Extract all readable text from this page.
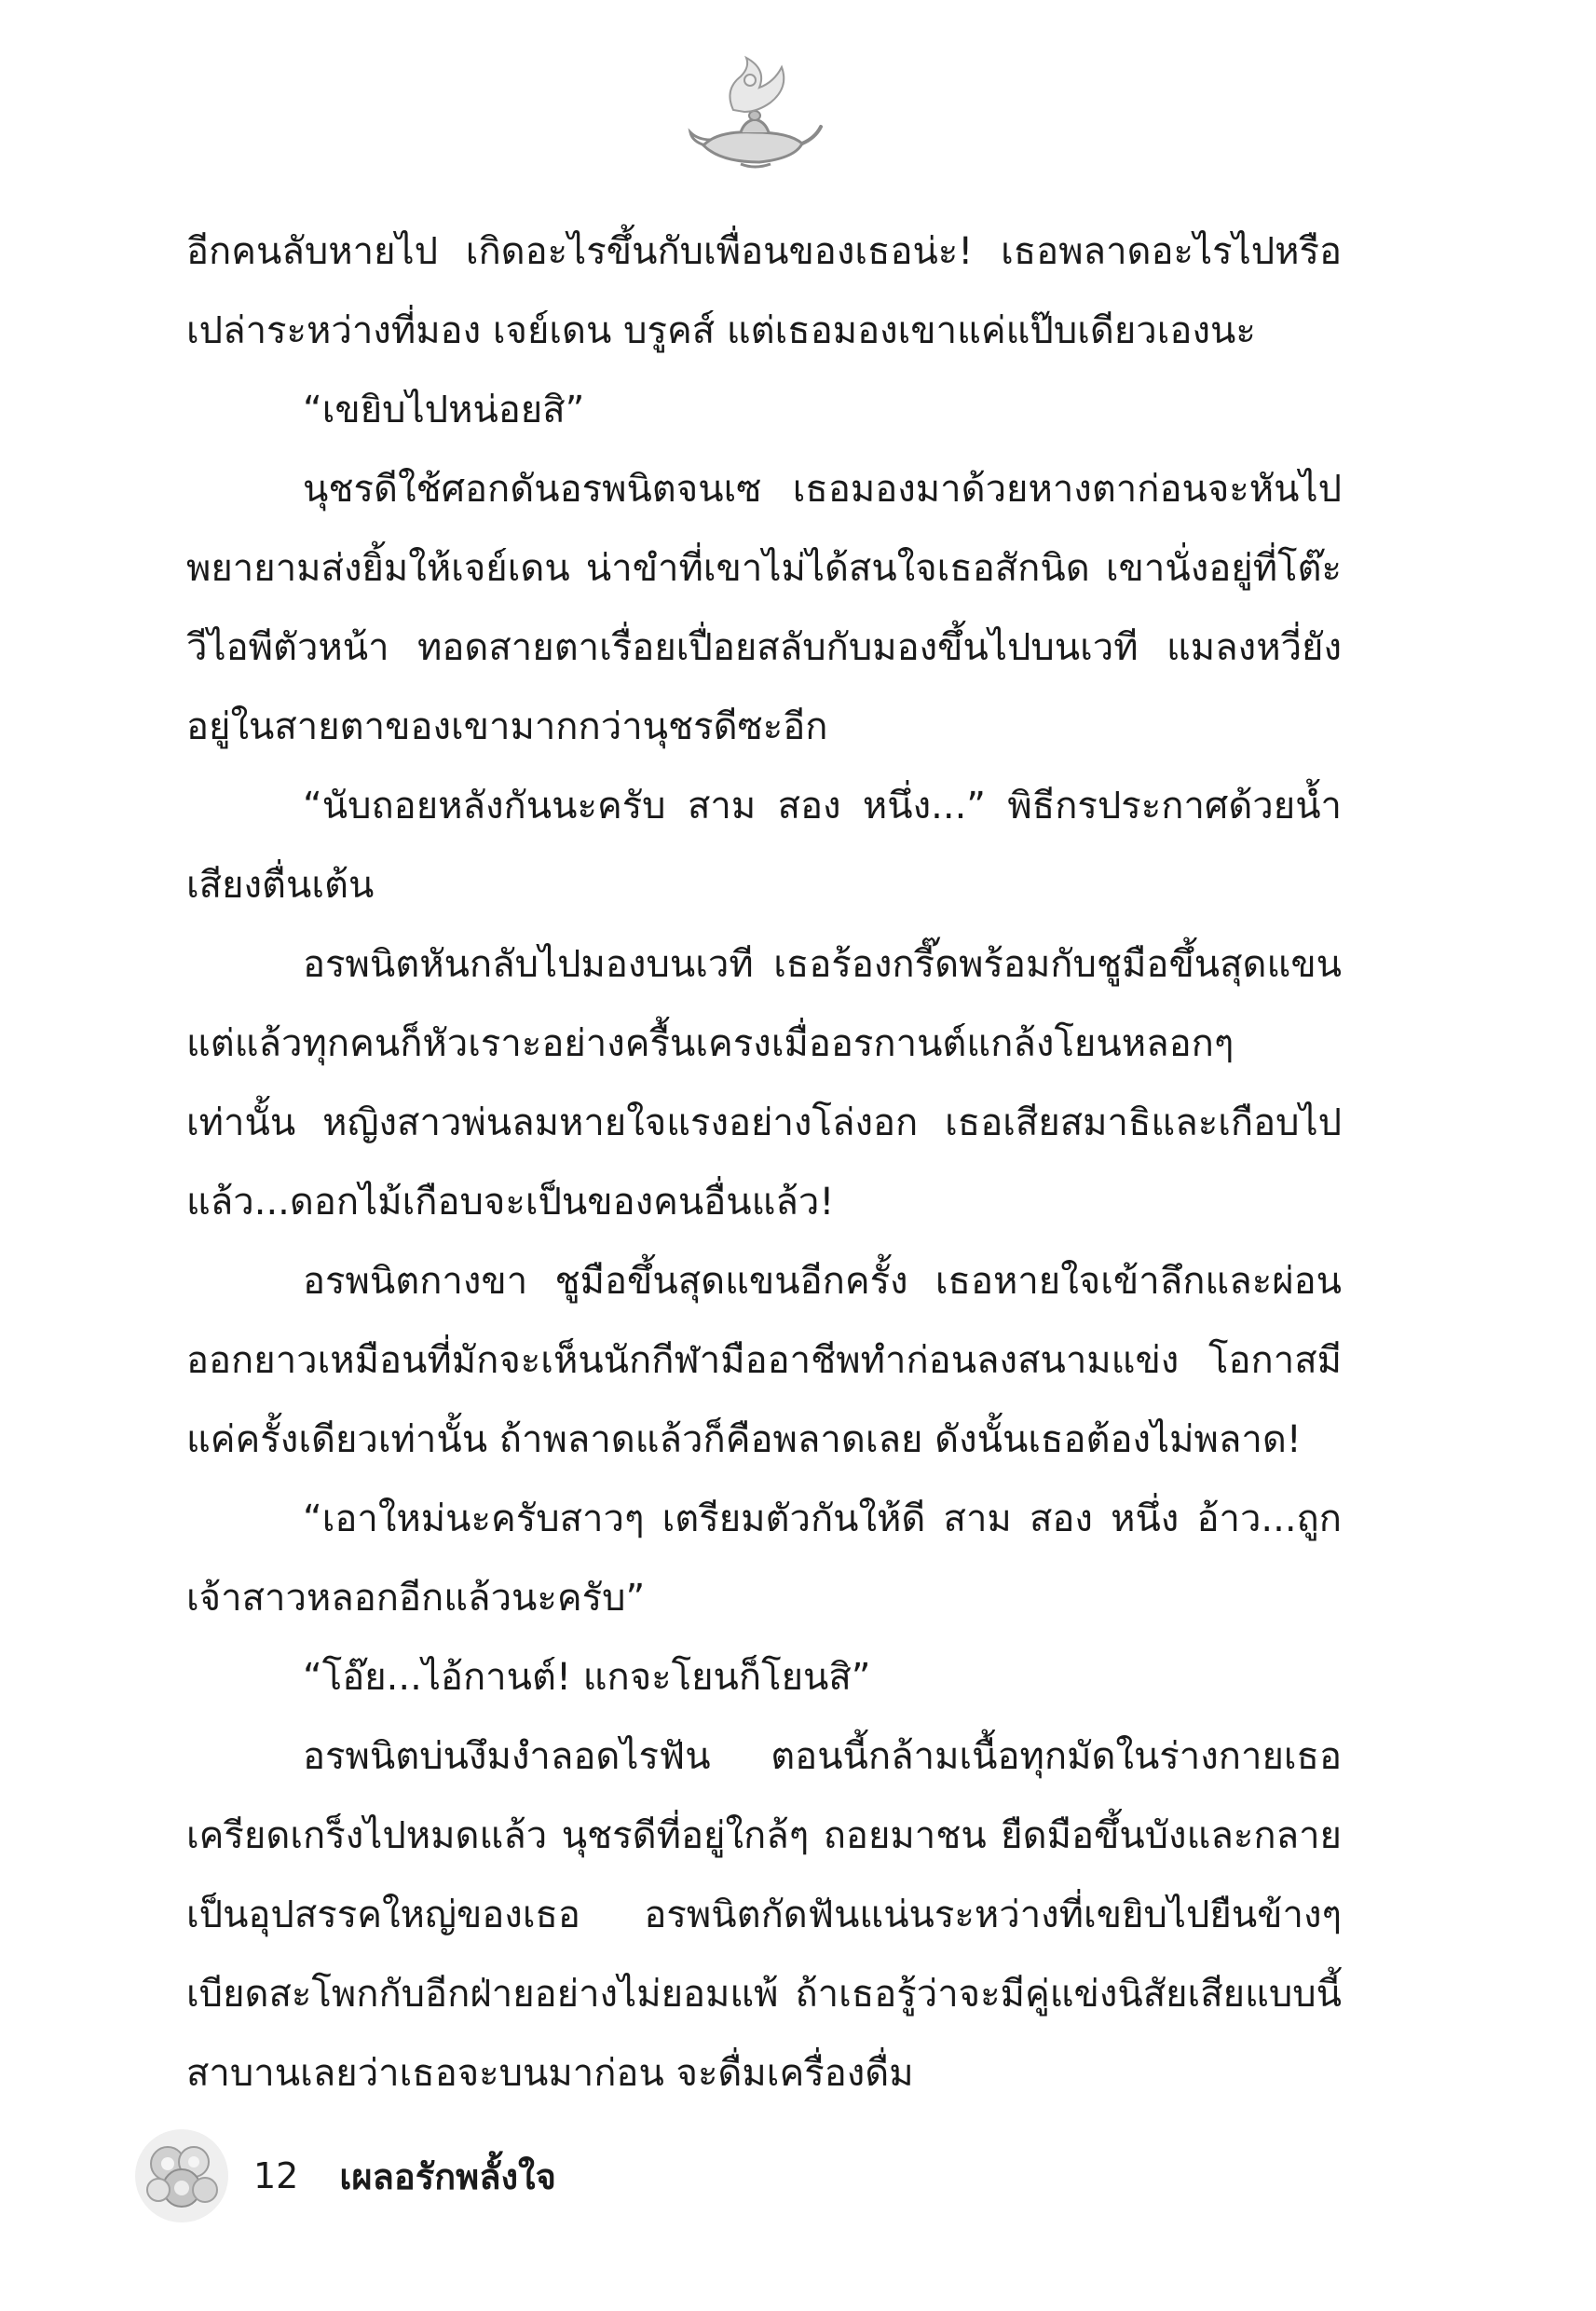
อีกคนลับหายไป เกิดอะไรขึ้นกับเพื่อนของเธอน่ะ! เธอพลาดอะไรไปหรือเปล่าระหว่างที่มอง เจย์เดน บรูคส์ แต่เธอมองเขาแค่แป๊บเดียวเองนะ

“เขยิบไปหน่อยสิ”

นุชรดีใช้ศอกดันอรพนิตจนเซ เธอมองมาด้วยหางตาก่อนจะหันไปพยายามส่งยิ้มให้เจย์เดน น่าขำที่เขาไม่ได้สนใจเธอสักนิด เขานั่งอยู่ที่โต๊ะวีไอพีตัวหน้า ทอดสายตาเรื่อยเปื่อยสลับกับมองขึ้นไปบนเวที แมลงหวี่ยังอยู่ในสายตาของเขามากกว่านุชรดีซะอีก

“นับถอยหลังกันนะครับ สาม สอง หนึ่ง...” พิธีกรประกาศด้วยน้ำเสียงตื่นเต้น

อรพนิตหันกลับไปมองบนเวที เธอร้องกรี๊ดพร้อมกับชูมือขึ้นสุดแขน แต่แล้วทุกคนก็หัวเราะอย่างครื้นเครงเมื่ออรกานต์แกล้งโยนหลอกๆ เท่านั้น หญิงสาวพ่นลมหายใจแรงอย่างโล่งอก เธอเสียสมาธิและเกือบไปแล้ว...ดอกไม้เกือบจะเป็นของคนอื่นแล้ว!

อรพนิตกางขา ชูมือขึ้นสุดแขนอีกครั้ง เธอหายใจเข้าลึกและผ่อนออกยาวเหมือนที่มักจะเห็นนักกีฬามืออาชีพทำก่อนลงสนามแข่ง โอกาสมีแค่ครั้งเดียวเท่านั้น ถ้าพลาดแล้วก็คือพลาดเลย ดังนั้นเธอต้องไม่พลาด!

“เอาใหม่นะครับสาวๆ เตรียมตัวกันให้ดี สาม สอง หนึ่ง อ้าว...ถูกเจ้าสาวหลอกอีกแล้วนะครับ”

“โอ๊ย...ไอ้กานต์! แกจะโยนก็โยนสิ”

อรพนิตบ่นงึมงำลอดไรฟัน ตอนนี้กล้ามเนื้อทุกมัดในร่างกายเธอเครียดเกร็งไปหมดแล้ว นุชรดีที่อยู่ใกล้ๆ ถอยมาชน ยืดมือขึ้นบังและกลายเป็นอุปสรรคใหญ่ของเธอ อรพนิตกัดฟันแน่นระหว่างที่เขยิบไปยืนข้างๆ เบียดสะโพกกับอีกฝ่ายอย่างไม่ยอมแพ้ ถ้าเธอรู้ว่าจะมีคู่แข่งนิสัยเสียแบบนี้ สาบานเลยว่าเธอจะบนมาก่อน จะดื่มเครื่องดื่ม

12 เผลอรักพลั้งใจ
